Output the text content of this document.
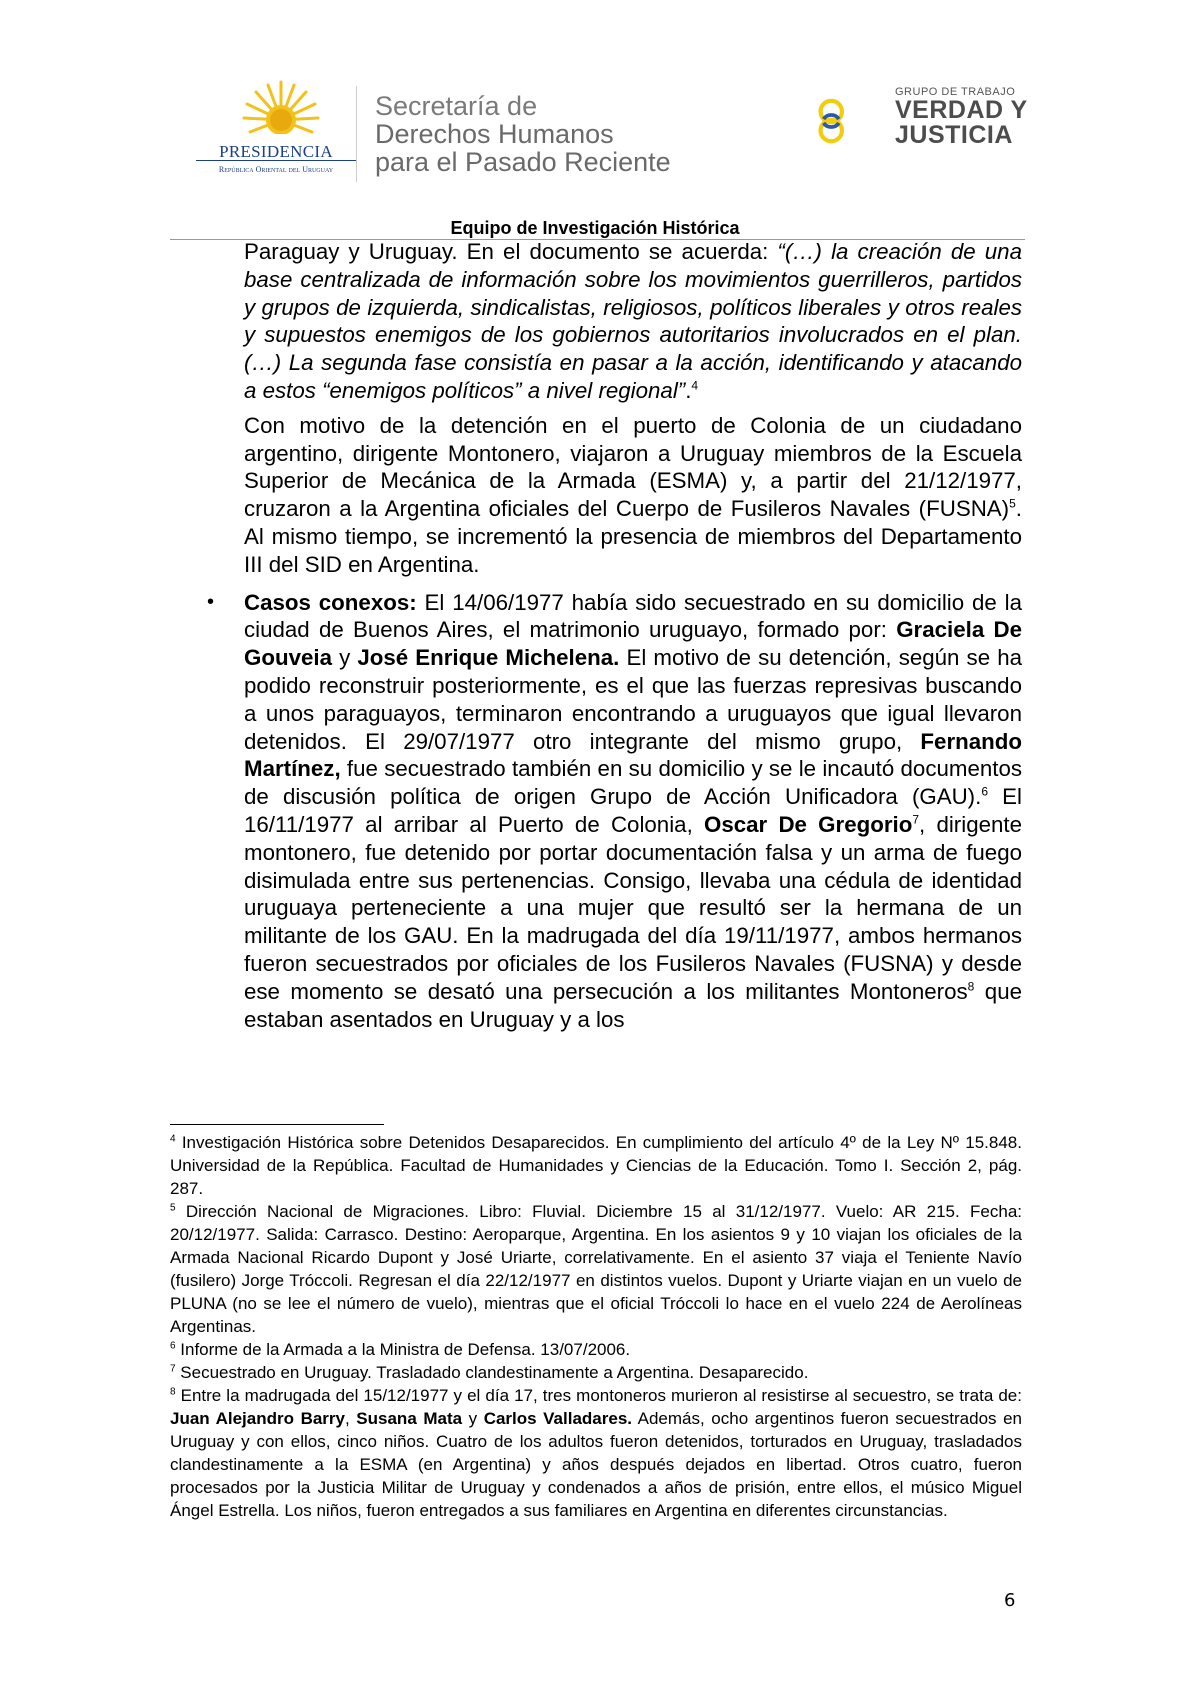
PRESIDENCIA
República Oriental del Uruguay
Secretaría de
Derechos Humanos
para el Pasado Reciente
GRUPO DE TRABAJO
VERDAD Y
JUSTICIA
Equipo de Investigación Histórica

Paraguay y Uruguay. En el documento se acuerda: “(…) la creación de una base centralizada de información sobre los movimientos guerrilleros, partidos y grupos de izquierda, sindicalistas, religiosos, políticos liberales y otros reales y supuestos enemigos de los gobiernos autoritarios involucrados en el plan. (…) La segunda fase consistía en pasar a la acción, identificando y atacando a estos “enemigos políticos” a nivel regional”.$^4$

Con motivo de la detención en el puerto de Colonia de un ciudadano argentino, dirigente Montonero, viajaron a Uruguay miembros de la Escuela Superior de Mecánica de la Armada (ESMA) y, a partir del 21/12/1977, cruzaron a la Argentina oficiales del Cuerpo de Fusileros Navales (FUSNA)$^5$. Al mismo tiempo, se incrementó la presencia de miembros del Departamento III del SID en Argentina.

• Casos conexos: El 14/06/1977 había sido secuestrado en su domicilio de la ciudad de Buenos Aires, el matrimonio uruguayo, formado por: Graciela De Gouveia y José Enrique Michelena. El motivo de su detención, según se ha podido reconstruir posteriormente, es el que las fuerzas represivas buscando a unos paraguayos, terminaron encontrando a uruguayos que igual llevaron detenidos. El 29/07/1977 otro integrante del mismo grupo, Fernando Martínez, fue secuestrado también en su domicilio y se le incautó documentos de discusión política de origen Grupo de Acción Unificadora (GAU).$^6$ El 16/11/1977 al arribar al Puerto de Colonia, Oscar De Gregorio$^7$, dirigente montonero, fue detenido por portar documentación falsa y un arma de fuego disimulada entre sus pertenencias. Consigo, llevaba una cédula de identidad uruguaya perteneciente a una mujer que resultó ser la hermana de un militante de los GAU. En la madrugada del día 19/11/1977, ambos hermanos fueron secuestrados por oficiales de los Fusileros Navales (FUSNA) y desde ese momento se desató una persecución a los militantes Montoneros$^8$ que estaban asentados en Uruguay y a los

$^4$ Investigación Histórica sobre Detenidos Desaparecidos. En cumplimiento del artículo 4º de la Ley Nº 15.848. Universidad de la República. Facultad de Humanidades y Ciencias de la Educación. Tomo I. Sección 2, pág. 287.

$^5$ Dirección Nacional de Migraciones. Libro: Fluvial. Diciembre 15 al 31/12/1977. Vuelo: AR 215. Fecha: 20/12/1977. Salida: Carrasco. Destino: Aeroparque, Argentina. En los asientos 9 y 10 viajan los oficiales de la Armada Nacional Ricardo Dupont y José Uriarte, correlativamente. En el asiento 37 viaja el Teniente Navío (fusilero) Jorge Tróccoli. Regresan el día 22/12/1977 en distintos vuelos. Dupont y Uriarte viajan en un vuelo de PLUNA (no se lee el número de vuelo), mientras que el oficial Tróccoli lo hace en el vuelo 224 de Aerolíneas Argentinas.

$^6$ Informe de la Armada a la Ministra de Defensa. 13/07/2006.

$^7$ Secuestrado en Uruguay. Trasladado clandestinamente a Argentina. Desaparecido.

$^8$ Entre la madrugada del 15/12/1977 y el día 17, tres montoneros murieron al resistirse al secuestro, se trata de: Juan Alejandro Barry, Susana Mata y Carlos Valladares. Además, ocho argentinos fueron secuestrados en Uruguay y con ellos, cinco niños. Cuatro de los adultos fueron detenidos, torturados en Uruguay, trasladados clandestinamente a la ESMA (en Argentina) y años después dejados en libertad. Otros cuatro, fueron procesados por la Justicia Militar de Uruguay y condenados a años de prisión, entre ellos, el músico Miguel Ángel Estrella. Los niños, fueron entregados a sus familiares en Argentina en diferentes circunstancias.

6
